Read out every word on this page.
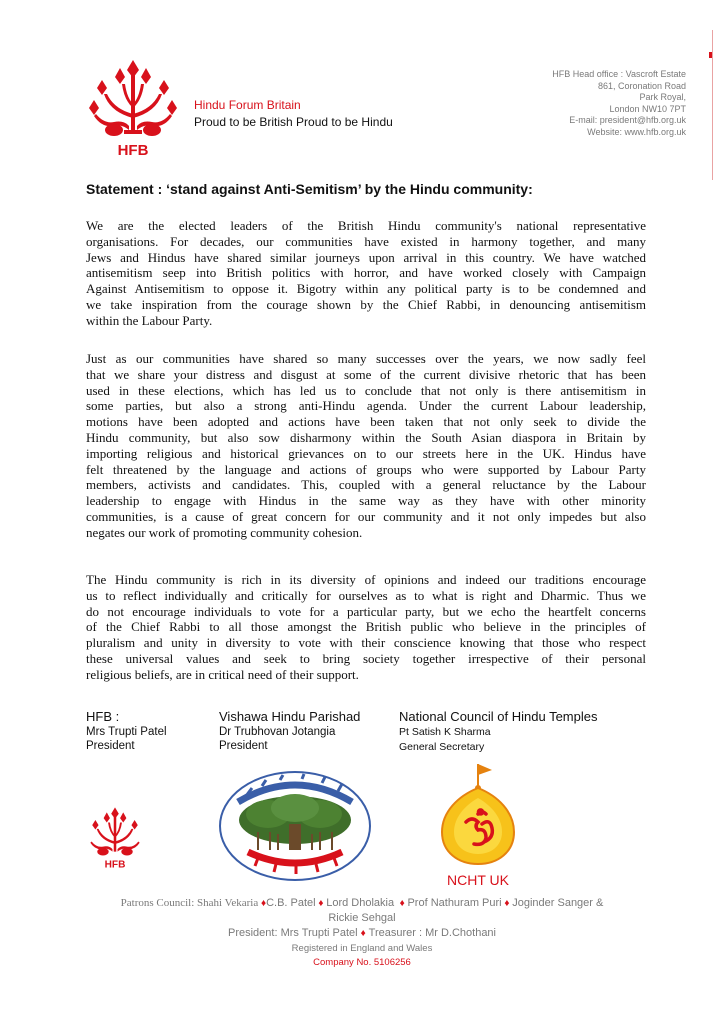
HFB
Hindu Forum Britain
Proud to be British Proud to be Hindu
HFB Head office : Vascroft Estate
861, Coronation Road
Park Royal,
London NW10 7PT
E-mail: president@hfb.org.uk
Website: www.hfb.org.uk
Statement : ‘stand against Anti-Semitism’ by the Hindu community:
We are the elected leaders of the British Hindu community's national representative
organisations. For decades, our communities have existed in harmony together, and many
Jews and Hindus have shared similar journeys upon arrival in this country. We have watched
antisemitism seep into British politics with horror, and have worked closely with Campaign
Against Antisemitism to oppose it. Bigotry within any political party is to be condemned and
we take inspiration from the courage shown by the Chief Rabbi, in denouncing antisemitism
within the Labour Party.
Just as our communities have shared so many successes over the years, we now sadly feel
that we share your distress and disgust at some of the current divisive rhetoric that has been
used in these elections, which has led us to conclude that not only is there antisemitism in
some parties, but also a strong anti-Hindu agenda. Under the current Labour leadership,
motions have been adopted and actions have been taken that not only seek to divide the
Hindu community, but also sow disharmony within the South Asian diaspora in Britain by
importing religious and historical grievances on to our streets here in the UK. Hindus have
felt threatened by the language and actions of groups who were supported by Labour Party
members, activists and candidates. This, coupled with a general reluctance by the Labour
leadership to engage with Hindus in the same way as they have with other minority
communities, is a cause of great concern for our community and it not only impedes but also
negates our work of promoting community cohesion.
The Hindu community is rich in its diversity of opinions and indeed our traditions encourage
us to reflect individually and critically for ourselves as to what is right and Dharmic. Thus we
do not encourage individuals to vote for a particular party, but we echo the heartfelt concerns
of the Chief Rabbi to all those amongst the British public who believe in the principles of
pluralism and unity in diversity to vote with their conscience knowing that those who respect
these universal values and seek to bring society together irrespective of their personal
religious beliefs, are in critical need of their support.
HFB :
Mrs Trupti Patel
President
Vishawa Hindu Parishad
Dr Trubhovan Jotangia
President
National Council of Hindu Temples
Pt Satish K Sharma
General Secretary
HFB
NCHT UK
Patrons Council: Shahi Vekaria ♦C.B. Patel ♦ Lord Dholakia ♦ Prof Nathuram Puri ♦ Joginder Sanger &
Rickie Sehgal
President: Mrs Trupti Patel ♦ Treasurer : Mr D.Chothani
Registered in England and Wales
Company No. 5106256
